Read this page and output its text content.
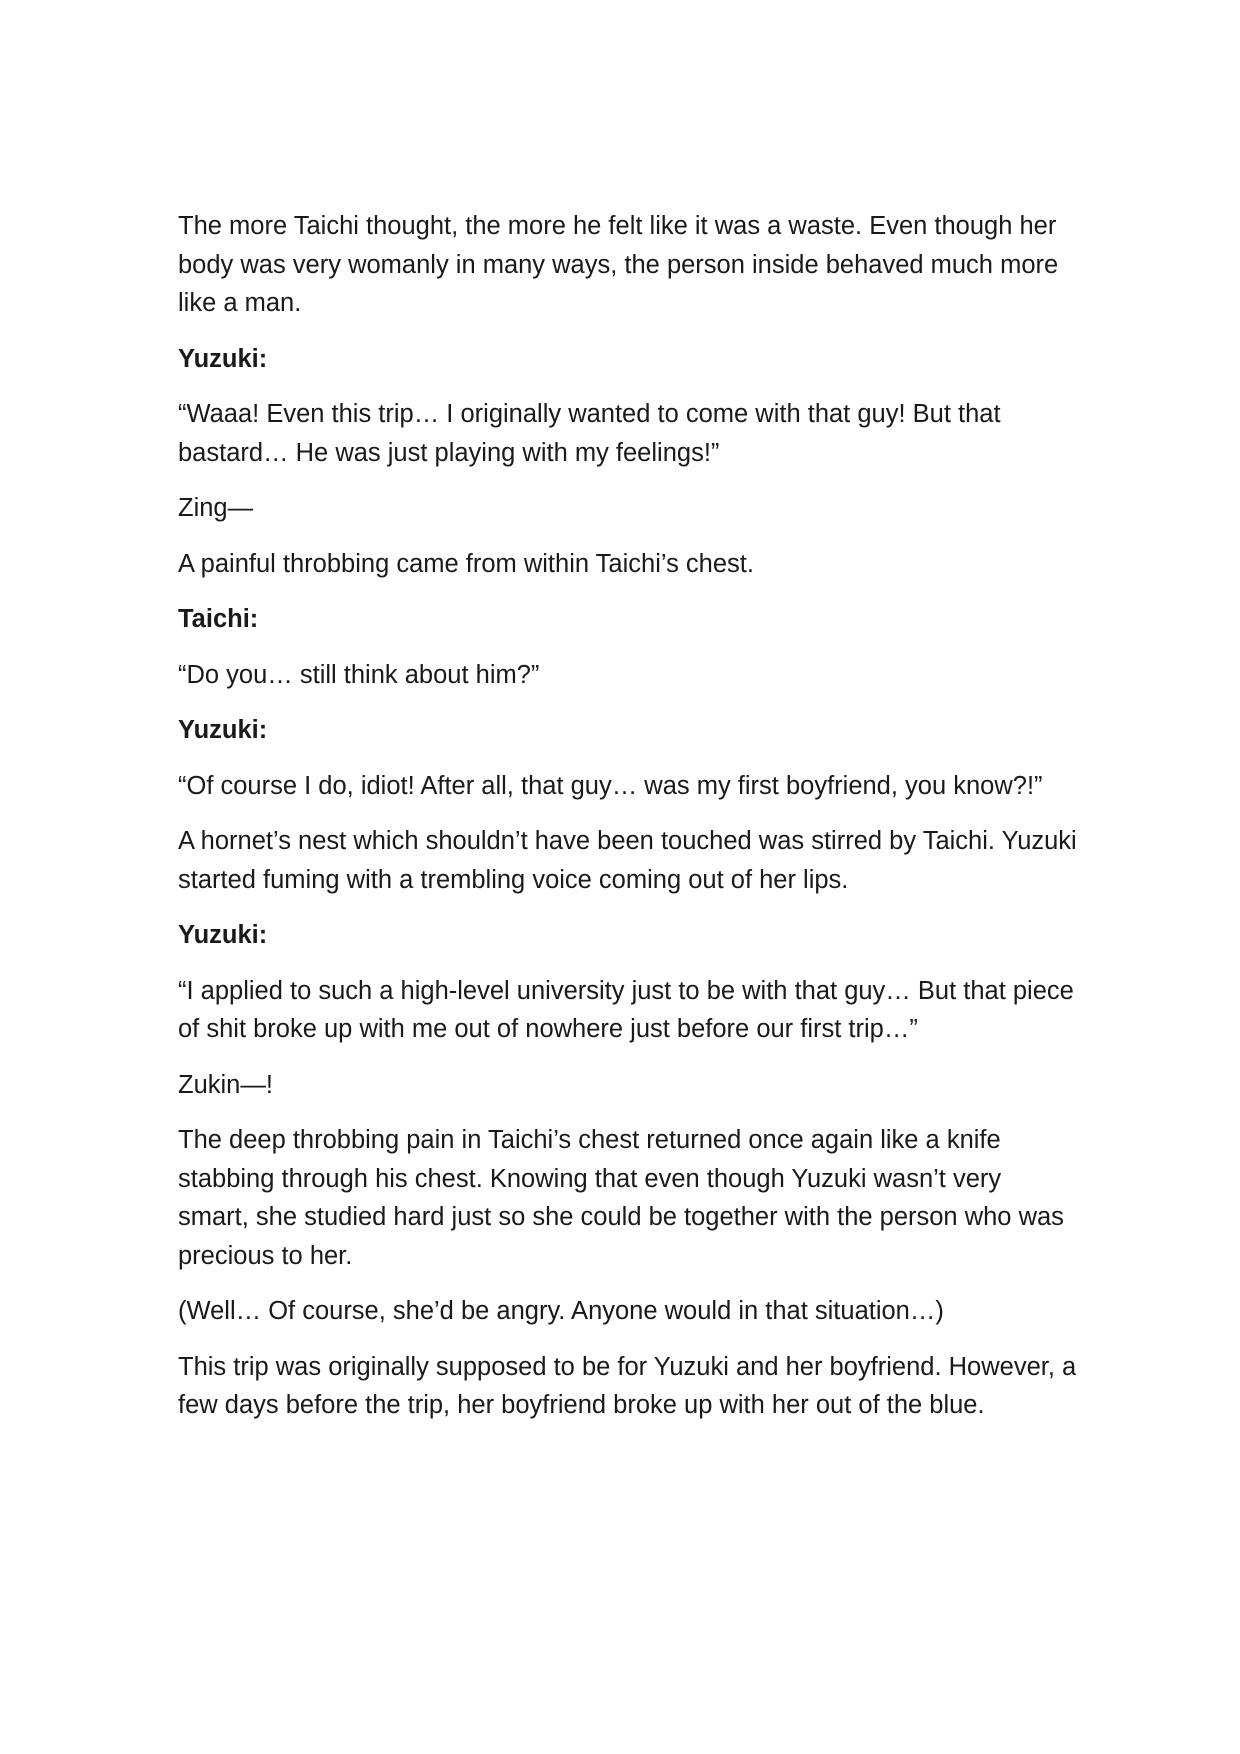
The more Taichi thought, the more he felt like it was a waste. Even though her body was very womanly in many ways, the person inside behaved much more like a man.

Yuzuki:

“Waaa! Even this trip… I originally wanted to come with that guy! But that bastard… He was just playing with my feelings!”

Zing—

A painful throbbing came from within Taichi’s chest.

Taichi:

“Do you… still think about him?”

Yuzuki:

“Of course I do, idiot! After all, that guy… was my first boyfriend, you know?!”

A hornet’s nest which shouldn’t have been touched was stirred by Taichi. Yuzuki started fuming with a trembling voice coming out of her lips.

Yuzuki:

“I applied to such a high-level university just to be with that guy… But that piece of shit broke up with me out of nowhere just before our first trip…”

Zukin—!

The deep throbbing pain in Taichi’s chest returned once again like a knife stabbing through his chest. Knowing that even though Yuzuki wasn’t very smart, she studied hard just so she could be together with the person who was precious to her.

(Well… Of course, she’d be angry. Anyone would in that situation…)

This trip was originally supposed to be for Yuzuki and her boyfriend. However, a few days before the trip, her boyfriend broke up with her out of the blue.
